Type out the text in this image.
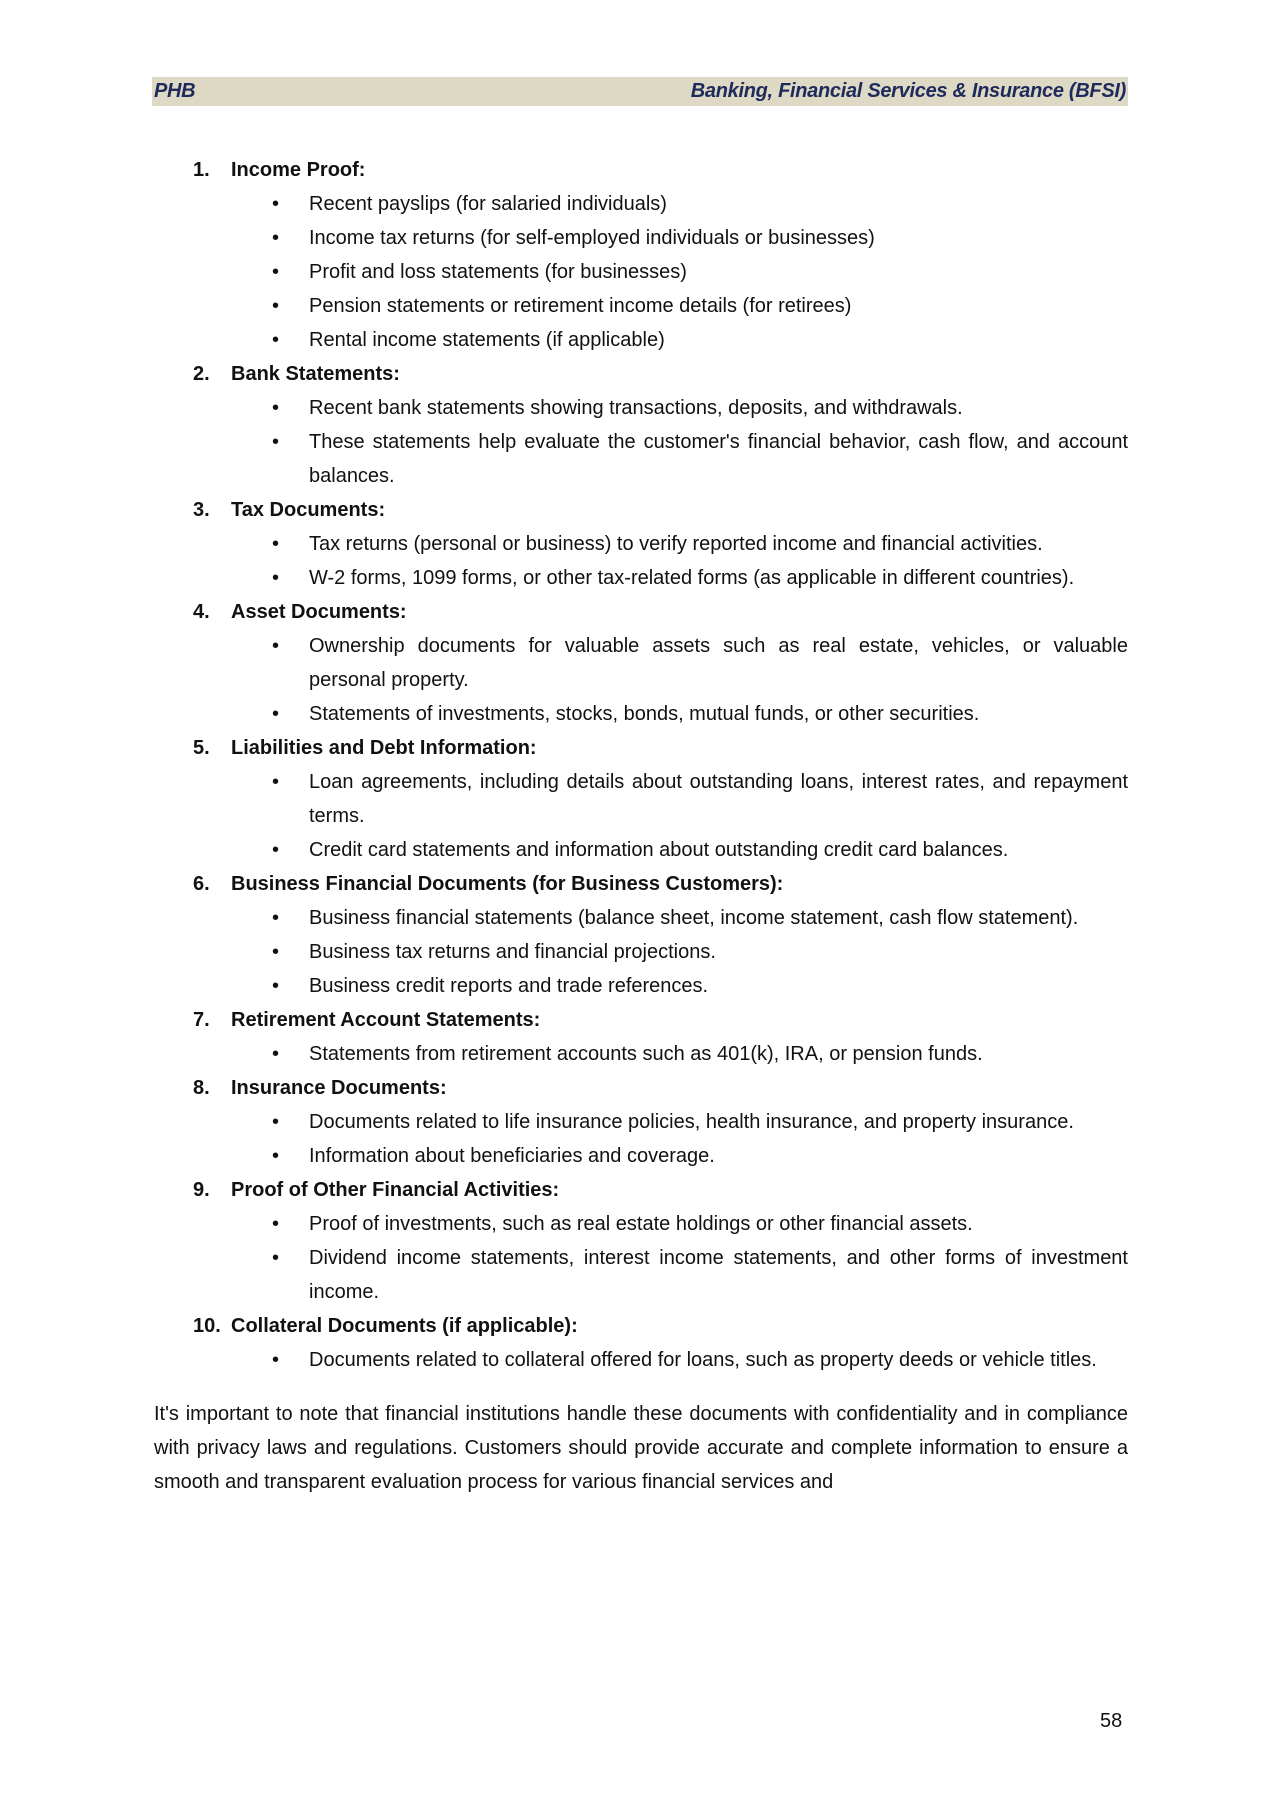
PHB	Banking, Financial Services & Insurance (BFSI)
1. Income Proof:
• Recent payslips (for salaried individuals)
• Income tax returns (for self-employed individuals or businesses)
• Profit and loss statements (for businesses)
• Pension statements or retirement income details (for retirees)
• Rental income statements (if applicable)
2. Bank Statements:
• Recent bank statements showing transactions, deposits, and withdrawals.
• These statements help evaluate the customer's financial behavior, cash flow, and account balances.
3. Tax Documents:
• Tax returns (personal or business) to verify reported income and financial activities.
• W-2 forms, 1099 forms, or other tax-related forms (as applicable in different countries).
4. Asset Documents:
• Ownership documents for valuable assets such as real estate, vehicles, or valuable personal property.
• Statements of investments, stocks, bonds, mutual funds, or other securities.
5. Liabilities and Debt Information:
• Loan agreements, including details about outstanding loans, interest rates, and repayment terms.
• Credit card statements and information about outstanding credit card balances.
6. Business Financial Documents (for Business Customers):
• Business financial statements (balance sheet, income statement, cash flow statement).
• Business tax returns and financial projections.
• Business credit reports and trade references.
7. Retirement Account Statements:
• Statements from retirement accounts such as 401(k), IRA, or pension funds.
8. Insurance Documents:
• Documents related to life insurance policies, health insurance, and property insurance.
• Information about beneficiaries and coverage.
9. Proof of Other Financial Activities:
• Proof of investments, such as real estate holdings or other financial assets.
• Dividend income statements, interest income statements, and other forms of investment income.
10. Collateral Documents (if applicable):
• Documents related to collateral offered for loans, such as property deeds or vehicle titles.
It's important to note that financial institutions handle these documents with confidentiality and in compliance with privacy laws and regulations. Customers should provide accurate and complete information to ensure a smooth and transparent evaluation process for various financial services and
58
